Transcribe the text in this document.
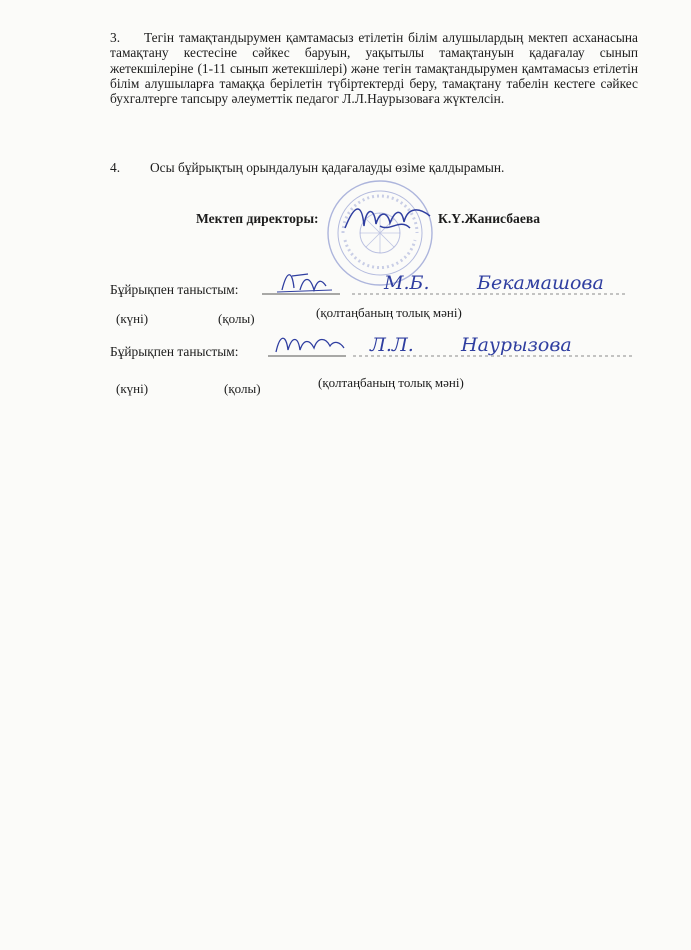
3. Тегін тамақтандырумен қамтамасыз етілетін білім алушылардың мектеп асханасына тамақтану кестесіне сәйкес баруын, уақытылы тамақтануын қадағалау сынып жетекшілеріне (1-11 сынып жетекшілері) және тегін тамақтандырумен қамтамасыз етілетін білім алушыларға тамаққа берілетін түбіртектерді беру, тамақтану табелін кестеге сәйкес бухгалтерге тапсыру әлеуметтік педагог Л.Л.Наурызоваға жүктелсін.
4. Осы бұйрықтың орындалуын қадағалауды өзіме қалдырамын.
Мектеп директоры:	К.Ү.Жанисбаева
Бұйрықпен таныстым:	М.Б.	Бекамашова
(күні)	(қолы)	(қолтаңбаның толық мәні)
Бұйрықпен таныстым:	Л.Л. Наурызова
(күні)	(қолы)	(қолтаңбаның толық мәні)
